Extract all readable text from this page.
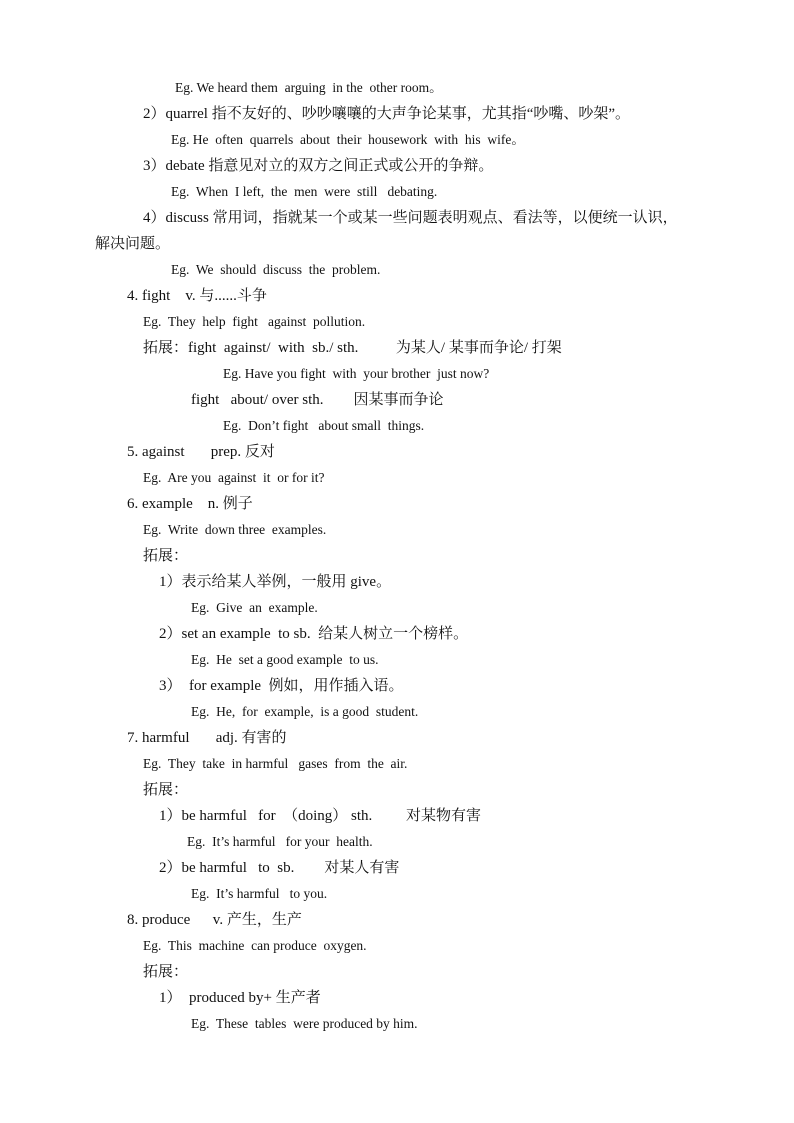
Eg. We heard them  arguing  in the  other room。
2）quarrel 指不友好的、吵吵嚷嚷的大声争论某事，尤其指“吵嘴、吵架”。
Eg. He  often  quarrels  about  their  housework  with  his  wife。
3）debate 指意见对立的双方之间正式或公开的争辩。
Eg.  When  I left,  the  men  were  still   debating.
4）discuss 常用词，指就某一个或某一些问题表明观点、看法等，以便统一认识，
解决问题。
Eg.  We  should  discuss  the  problem.
4. fight    v. 与......斗争
Eg.  They  help  fight   against  pollution.
拓展：fight  against/  with  sb./ sth.          为某人/ 某事而争论/ 打架
Eg. Have you fight  with  your brother  just now?
fight   about/ over sth.        因某事而争论
Eg.  Don’t fight   about small  things.
5. against       prep. 反对
Eg.  Are you  against  it  or for it?
6. example    n. 例子
Eg.  Write  down three  examples.
拓展：
1）表示给某人举例，一般用 give。
Eg.  Give  an  example.
2）set an example  to sb.  给某人树立一个榜样。
Eg.  He  set a good example  to us.
3）  for example  例如，用作插入语。
Eg.  He,  for  example,  is a good  student.
7. harmful       adj. 有害的
Eg.  They  take  in harmful   gases  from  the  air.
拓展：
1）be harmful   for  （doing） sth.         对某物有害
Eg.  It’s harmful   for your  health.
2）be harmful   to  sb.        对某人有害
Eg.  It’s harmful   to you.
8. produce      v. 产生，生产
Eg.  This  machine  can produce  oxygen.
拓展：
1）  produced by+ 生产者
Eg.  These  tables  were produced by him.
